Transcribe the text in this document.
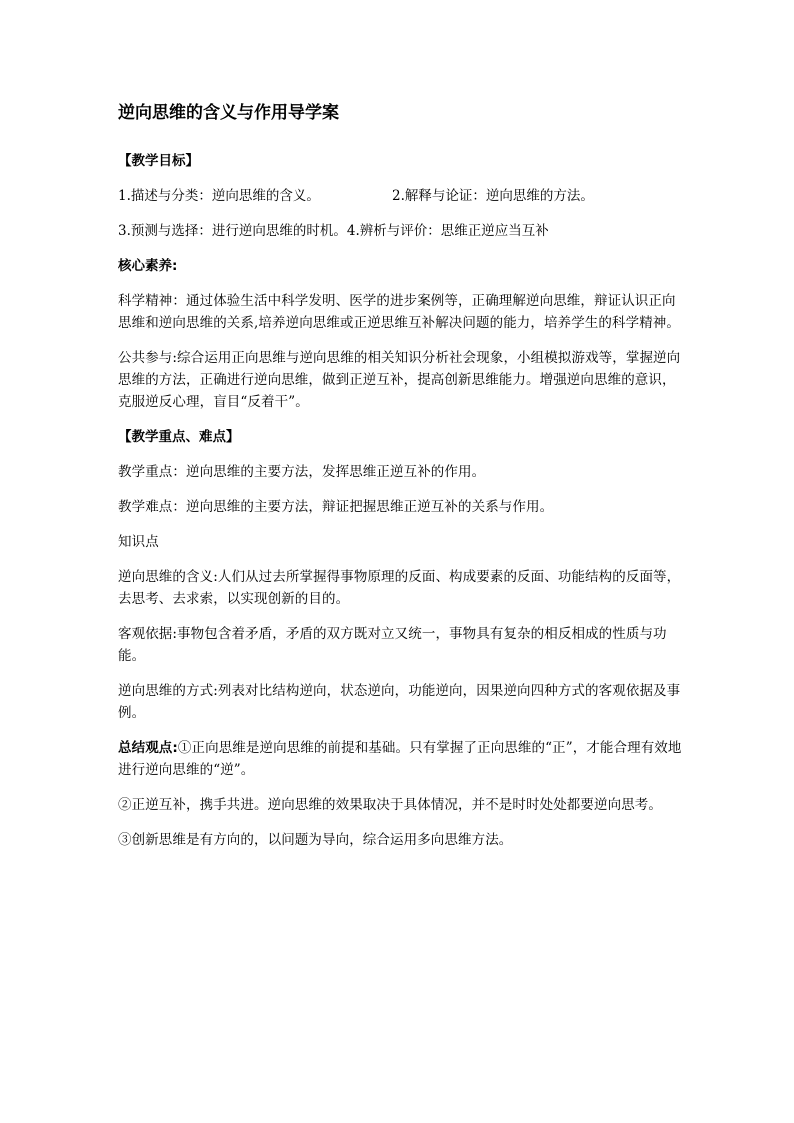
逆向思维的含义与作用导学案
【教学目标】
1.描述与分类：逆向思维的含义。	2.解释与论证：逆向思维的方法。
3.预测与选择：进行逆向思维的时机。 4.辨析与评价：思维正逆应当互补
核心素养:

科学精神：通过体验生活中科学发明、医学的进步案例等，正确理解逆向思维，辩证认识正向思维和逆向思维的关系,培养逆向思维或正逆思维互补解决问题的能力，培养学生的科学精神。

公共参与:综合运用正向思维与逆向思维的相关知识分析社会现象，小组模拟游戏等，掌握逆向思维的方法，正确进行逆向思维，做到正逆互补，提高创新思维能力。增强逆向思维的意识，克服逆反心理，盲目“反着干”。

【教学重点、难点】

教学重点：逆向思维的主要方法，发挥思维正逆互补的作用。

教学难点：逆向思维的主要方法，辩证把握思维正逆互补的关系与作用。

知识点

逆向思维的含义:人们从过去所掌握得事物原理的反面、构成要素的反面、功能结构的反面等，去思考、去求索，以实现创新的目的。

客观依据:事物包含着矛盾，矛盾的双方既对立又统一，事物具有复杂的相反相成的性质与功能。

逆向思维的方式:列表对比结构逆向，状态逆向，功能逆向，因果逆向四种方式的客观依据及事例。

总结观点:①正向思维是逆向思维的前提和基础。只有掌握了正向思维的“正”，才能合理有效地进行逆向思维的“逆”。

②正逆互补，携手共进。逆向思维的效果取决于具体情况，并不是时时处处都要逆向思考。

③创新思维是有方向的，以问题为导向，综合运用多向思维方法。
